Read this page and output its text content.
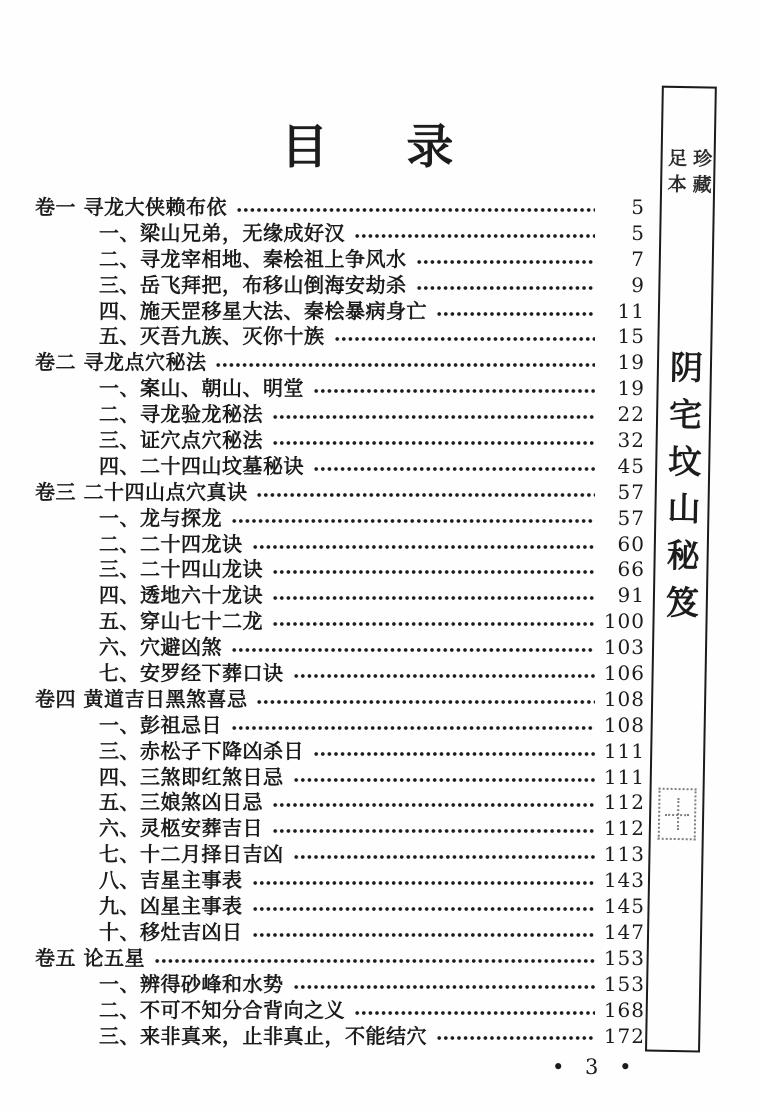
目 录
卷一 寻龙大侠赖布依	5
一、梁山兄弟，无缘成好汉	5
二、寻龙宰相地、秦桧祖上争风水	7
三、岳飞拜把，布移山倒海安劫杀	9
四、施天罡移星大法、秦桧暴病身亡	11
五、灭吾九族、灭你十族	15
卷二 寻龙点穴秘法	19
一、案山、朝山、明堂	19
二、寻龙验龙秘法	22
三、证穴点穴秘法	32
四、二十四山坟墓秘诀	45
卷三 二十四山点穴真诀	57
一、龙与探龙	57
二、二十四龙诀	60
三、二十四山龙诀	66
四、透地六十龙诀	91
五、穿山七十二龙	100
六、穴避凶煞	103
七、安罗经下葬口诀	106
卷四 黄道吉日黑煞喜忌	108
一、彭祖忌日	108
三、赤松子下降凶杀日	111
四、三煞即红煞日忌	111
五、三娘煞凶日忌	112
六、灵柩安葬吉日	112
七、十二月择日吉凶	113
八、吉星主事表	143
九、凶星主事表	145
十、移灶吉凶日	147
卷五 论五星	153
一、辨得砂峰和水势	153
二、不可不知分合背向之义	168
三、来非真来，止非真止，不能结穴	172
足本 珍藏
阴宅坟山秘笈
• 3 •
